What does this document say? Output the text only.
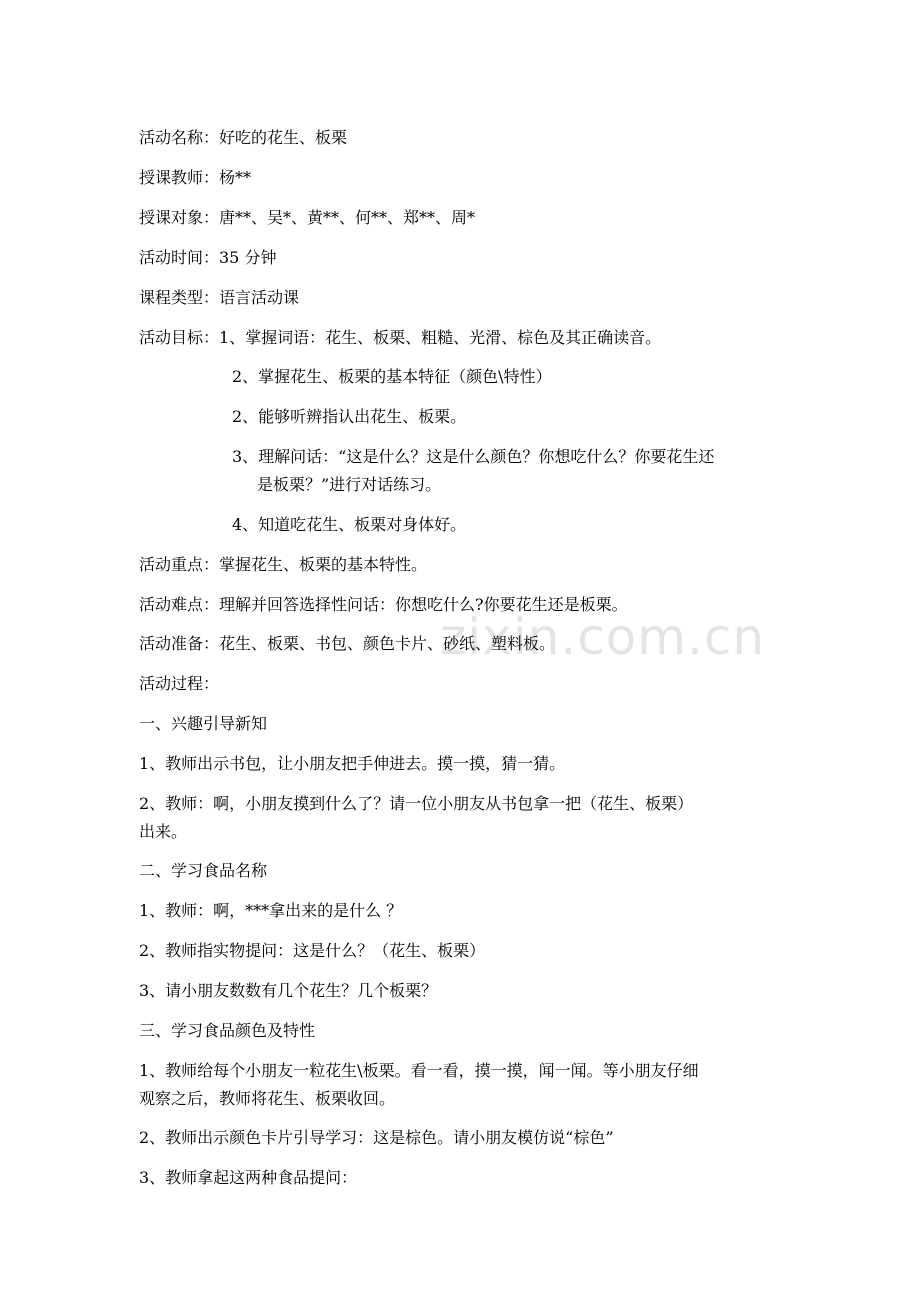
zixin.com.cn
活动名称：好吃的花生、板栗
授课教师：杨**
授课对象：唐**、吴*、黄**、何**、郑**、周*
活动时间：35 分钟
课程类型：语言活动课
活动目标：1、掌握词语：花生、板栗、粗糙、光滑、棕色及其正确读音。
2、掌握花生、板栗的基本特征（颜色\特性）
2、能够听辨指认出花生、板栗。
3、理解问话：“这是什么？这是什么颜色？你想吃什么？你要花生还
是板栗？”进行对话练习。
4、知道吃花生、板栗对身体好。
活动重点：掌握花生、板栗的基本特性。
活动难点：理解并回答选择性问话：你想吃什么?你要花生还是板栗。
活动准备：花生、板栗、书包、颜色卡片、砂纸、塑料板。
活动过程：
一、兴趣引导新知
1、教师出示书包，让小朋友把手伸进去。摸一摸，猜一猜。
2、教师：啊，小朋友摸到什么了？请一位小朋友从书包拿一把（花生、板栗）
出来。
二、学习食品名称
1、教师：啊，***拿出来的是什么 ？
2、教师指实物提问：这是什么？（花生、板栗）
3、请小朋友数数有几个花生？几个板栗？
三、学习食品颜色及特性
1、教师给每个小朋友一粒花生\板栗。看一看，摸一摸，闻一闻。等小朋友仔细
观察之后，教师将花生、板栗收回。
2、教师出示颜色卡片引导学习：这是棕色。请小朋友模仿说“棕色”
3、教师拿起这两种食品提问：
